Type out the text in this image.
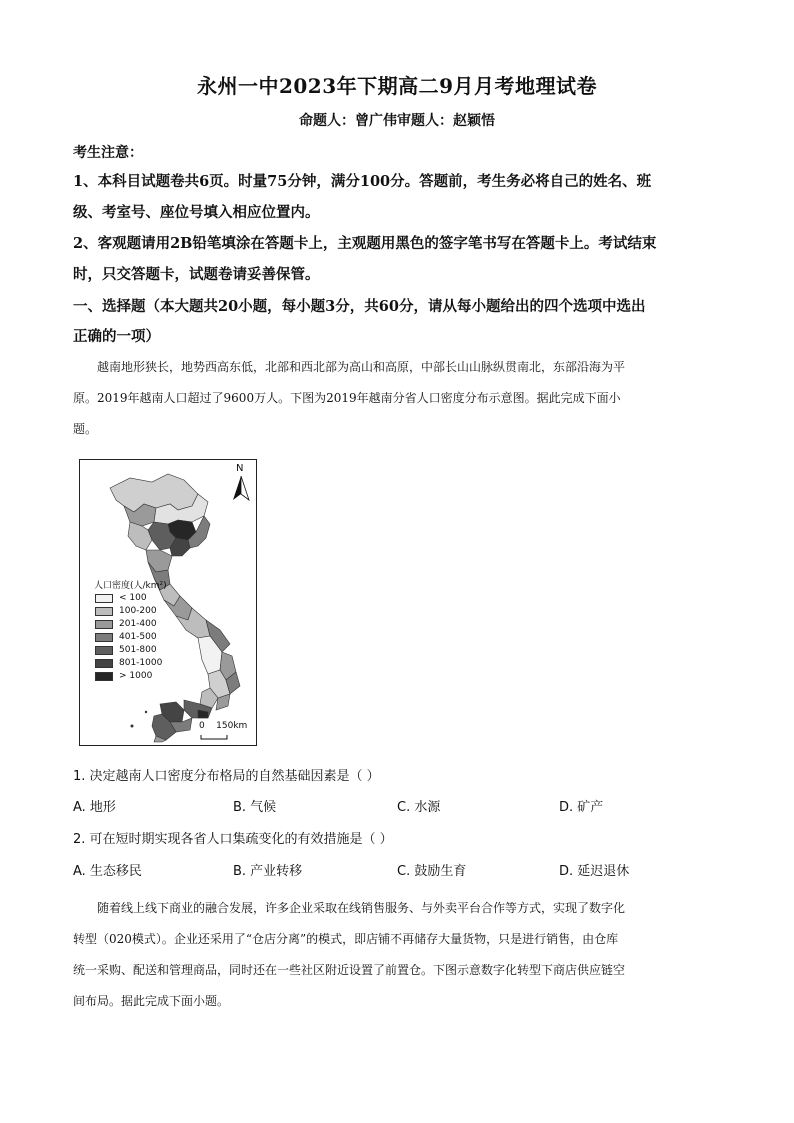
永州一中2023年下期高二9月月考地理试卷
命题人：曾广伟审题人：赵颖悟
考生注意：
1、本科目试题卷共6页。时量75分钟，满分100分。答题前，考生务必将自己的姓名、班
级、考室号、座位号填入相应位置内。
2、客观题请用2B铅笔填涂在答题卡上，主观题用黑色的签字笔书写在答题卡上。考试结束
时，只交答题卡，试题卷请妥善保管。
一、选择题（本大题共20小题，每小题3分，共60分，请从每小题给出的四个选项中选出
正确的一项）
越南地形狭长，地势西高东低，北部和西北部为高山和高原，中部长山山脉纵贯南北，东部沿海为平
原。2019年越南人口超过了9600万人。下图为2019年越南分省人口密度分布示意图。据此完成下面小
题。
N
人口密度(人/km²)
< 100
100-200
201-400
401-500
501-800
801-1000
> 1000
0    150km
1. 决定越南人口密度分布格局的自然基础因素是（ ）
A. 地形	B. 气候	C. 水源	D. 矿产
2. 可在短时期实现各省人口集疏变化的有效措施是（ ）
A. 生态移民	B. 产业转移	C. 鼓励生育	D. 延迟退休
随着线上线下商业的融合发展，许多企业采取在线销售服务、与外卖平台合作等方式，实现了数字化
转型（020模式）。企业还采用了“仓店分离”的模式，即店铺不再储存大量货物，只是进行销售，由仓库
统一采购、配送和管理商品，同时还在一些社区附近设置了前置仓。下图示意数字化转型下商店供应链空
间布局。据此完成下面小题。
